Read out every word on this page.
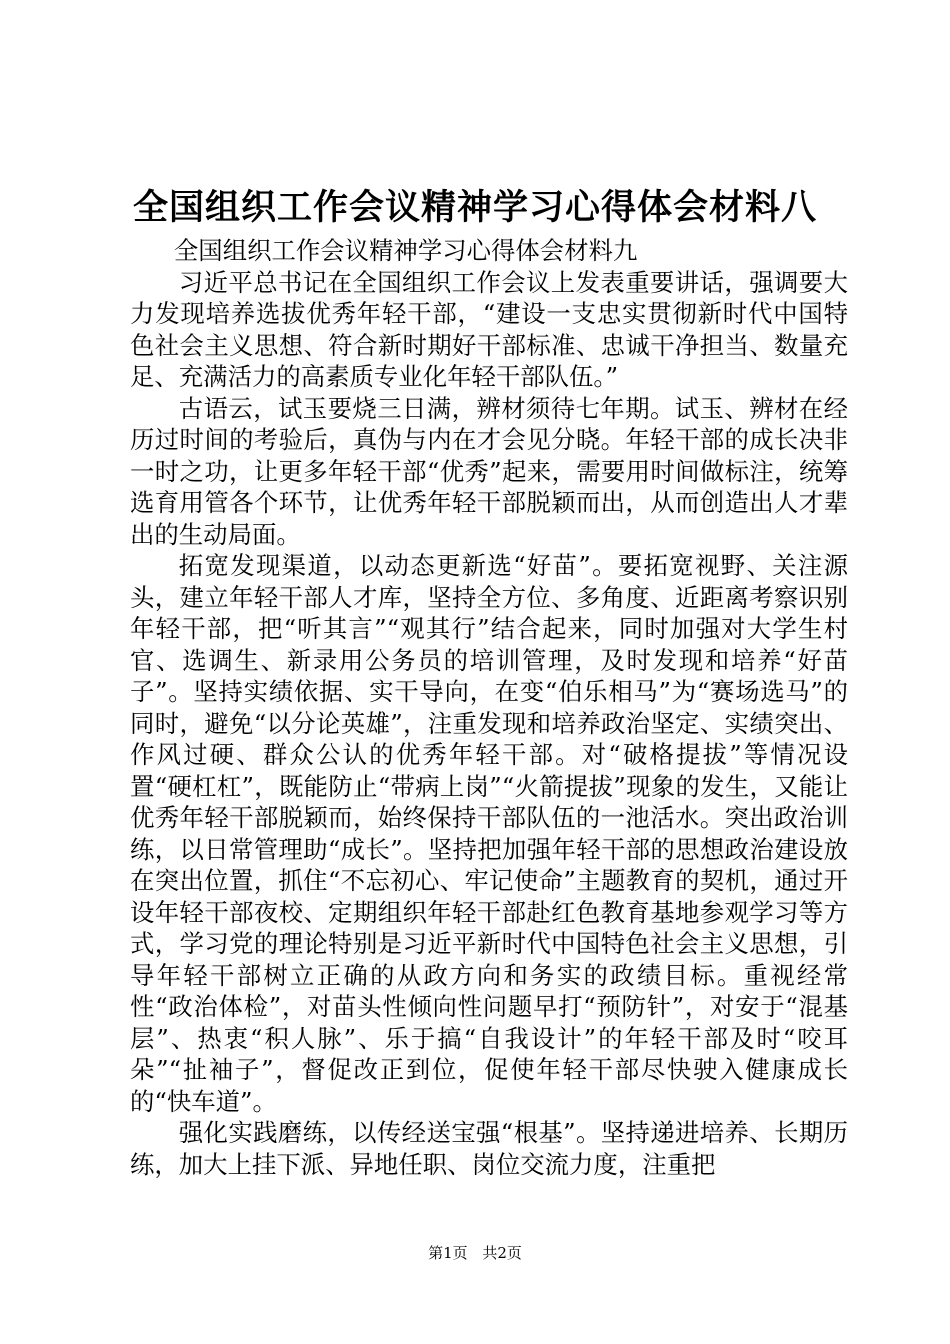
全国组织工作会议精神学习心得体会材料八

全国组织工作会议精神学习心得体会材料九

习近平总书记在全国组织工作会议上发表重要讲话，强调要大力发现培养选拔优秀年轻干部，“建设一支忠实贯彻新时代中国特色社会主义思想、符合新时期好干部标准、忠诚干净担当、数量充足、充满活力的高素质专业化年轻干部队伍。”

古语云，试玉要烧三日满，辨材须待七年期。试玉、辨材在经历过时间的考验后，真伪与内在才会见分晓。年轻干部的成长决非一时之功，让更多年轻干部“优秀”起来，需要用时间做标注，统筹选育用管各个环节，让优秀年轻干部脱颖而出，从而创造出人才辈出的生动局面。

拓宽发现渠道，以动态更新选“好苗”。要拓宽视野、关注源头，建立年轻干部人才库，坚持全方位、多角度、近距离考察识别年轻干部，把“听其言”“观其行”结合起来，同时加强对大学生村官、选调生、新录用公务员的培训管理，及时发现和培养“好苗子”。坚持实绩依据、实干导向，在变“伯乐相马”为“赛场选马”的同时，避免“以分论英雄”，注重发现和培养政治坚定、实绩突出、作风过硬、群众公认的优秀年轻干部。对“破格提拔”等情况设置“硬杠杠”，既能防止“带病上岗”“火箭提拔”现象的发生，又能让优秀年轻干部脱颖而，始终保持干部队伍的一池活水。突出政治训练，以日常管理助“成长”。坚持把加强年轻干部的思想政治建设放在突出位置，抓住“不忘初心、牢记使命”主题教育的契机，通过开设年轻干部夜校、定期组织年轻干部赴红色教育基地参观学习等方式，学习党的理论特别是习近平新时代中国特色社会主义思想，引导年轻干部树立正确的从政方向和务实的政绩目标。重视经常性“政治体检”，对苗头性倾向性问题早打“预防针”，对安于“混基层”、热衷“积人脉”、乐于搞“自我设计”的年轻干部及时“咬耳朵”“扯袖子”，督促改正到位，促使年轻干部尽快驶入健康成长的“快车道”。

强化实践磨练，以传经送宝强“根基”。坚持递进培养、长期历练，加大上挂下派、异地任职、岗位交流力度，注重把

第1页 共2页
